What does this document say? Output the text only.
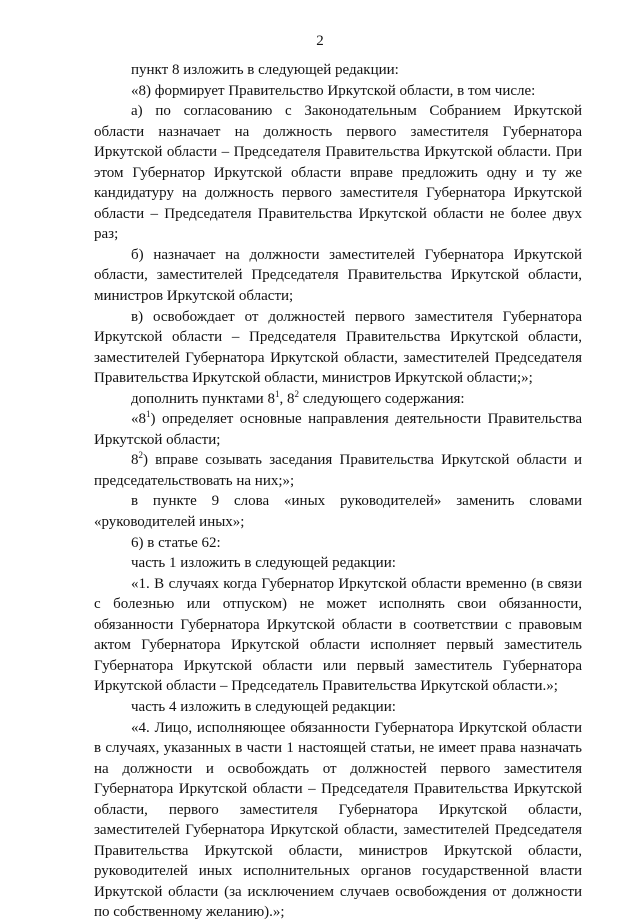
2

пункт 8 изложить в следующей редакции:

«8) формирует Правительство Иркутской области, в том числе:

а) по согласованию с Законодательным Собранием Иркутской области назначает на должность первого заместителя Губернатора Иркутской области – Председателя Правительства Иркутской области. При этом Губернатор Иркутской области вправе предложить одну и ту же кандидатуру на должность первого заместителя Губернатора Иркутской области – Председателя Правительства Иркутской области не более двух раз;

б) назначает на должности заместителей Губернатора Иркутской области, заместителей Председателя Правительства Иркутской области, министров Иркутской области;

в) освобождает от должностей первого заместителя Губернатора Иркутской области – Председателя Правительства Иркутской области, заместителей Губернатора Иркутской области, заместителей Председателя Правительства Иркутской области, министров Иркутской области;»;

дополнить пунктами $8^1$, $8^2$ следующего содержания:

«$8^1$) определяет основные направления деятельности Правительства Иркутской области;

$8^2$) вправе созывать заседания Правительства Иркутской области и председательствовать на них;»;

в пункте 9 слова «иных руководителей» заменить словами «руководителей иных»;

6) в статье 62:

часть 1 изложить в следующей редакции:

«1. В случаях когда Губернатор Иркутской области временно (в связи с болезнью или отпуском) не может исполнять свои обязанности, обязанности Губернатора Иркутской области в соответствии с правовым актом Губернатора Иркутской области исполняет первый заместитель Губернатора Иркутской области или первый заместитель Губернатора Иркутской области – Председатель Правительства Иркутской области.»;

часть 4 изложить в следующей редакции:

«4. Лицо, исполняющее обязанности Губернатора Иркутской области в случаях, указанных в части 1 настоящей статьи, не имеет права назначать на должности и освобождать от должностей первого заместителя Губернатора Иркутской области – Председателя Правительства Иркутской области, первого заместителя Губернатора Иркутской области, заместителей Губернатора Иркутской области, заместителей Председателя Правительства Иркутской области, министров Иркутской области, руководителей иных исполнительных органов государственной власти Иркутской области (за исключением случаев освобождения от должности по собственному желанию).»;
